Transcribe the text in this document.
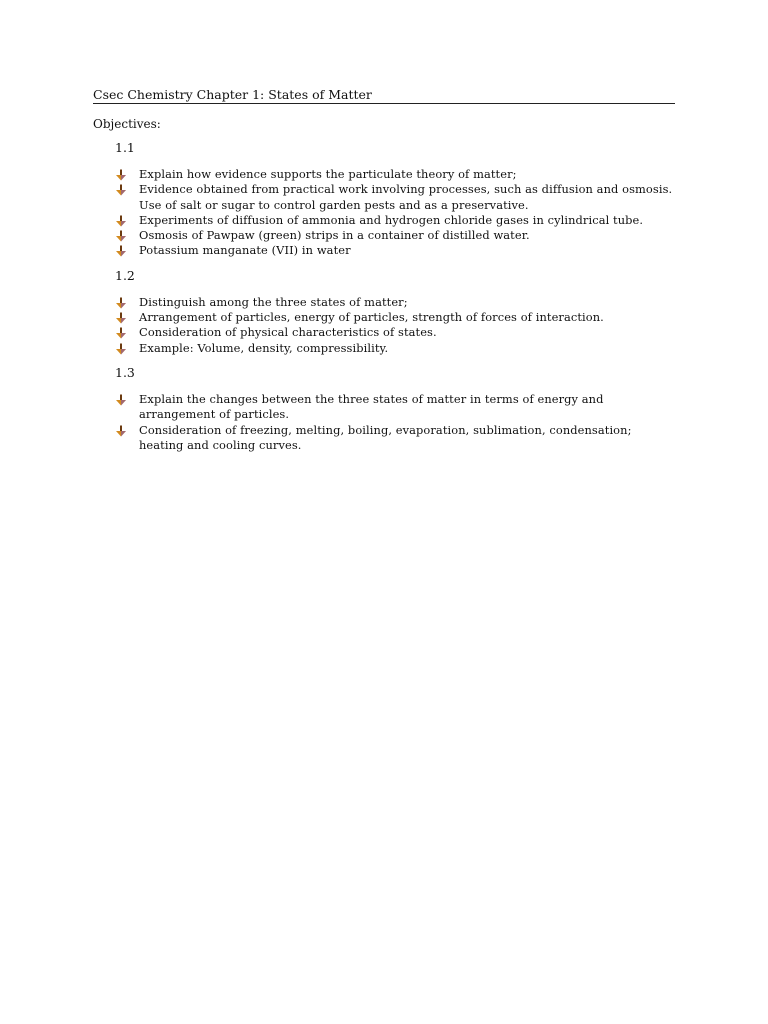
Csec Chemistry Chapter 1: States of Matter
Objectives:
1.1
Explain how evidence supports the particulate theory of matter;
Evidence obtained from practical work involving processes, such as diffusion and osmosis. Use of salt or sugar to control garden pests and as a preservative.
Experiments of diffusion of ammonia and hydrogen chloride gases in cylindrical tube.
Osmosis of Pawpaw (green) strips in a container of distilled water.
Potassium manganate (VII) in water
1.2
Distinguish among the three states of matter;
Arrangement of particles, energy of particles, strength of forces of interaction.
Consideration of physical characteristics of states.
Example: Volume, density, compressibility.
1.3
Explain the changes between the three states of matter in terms of energy and arrangement of particles.
Consideration of freezing, melting, boiling, evaporation, sublimation, condensation; heating and cooling curves.
